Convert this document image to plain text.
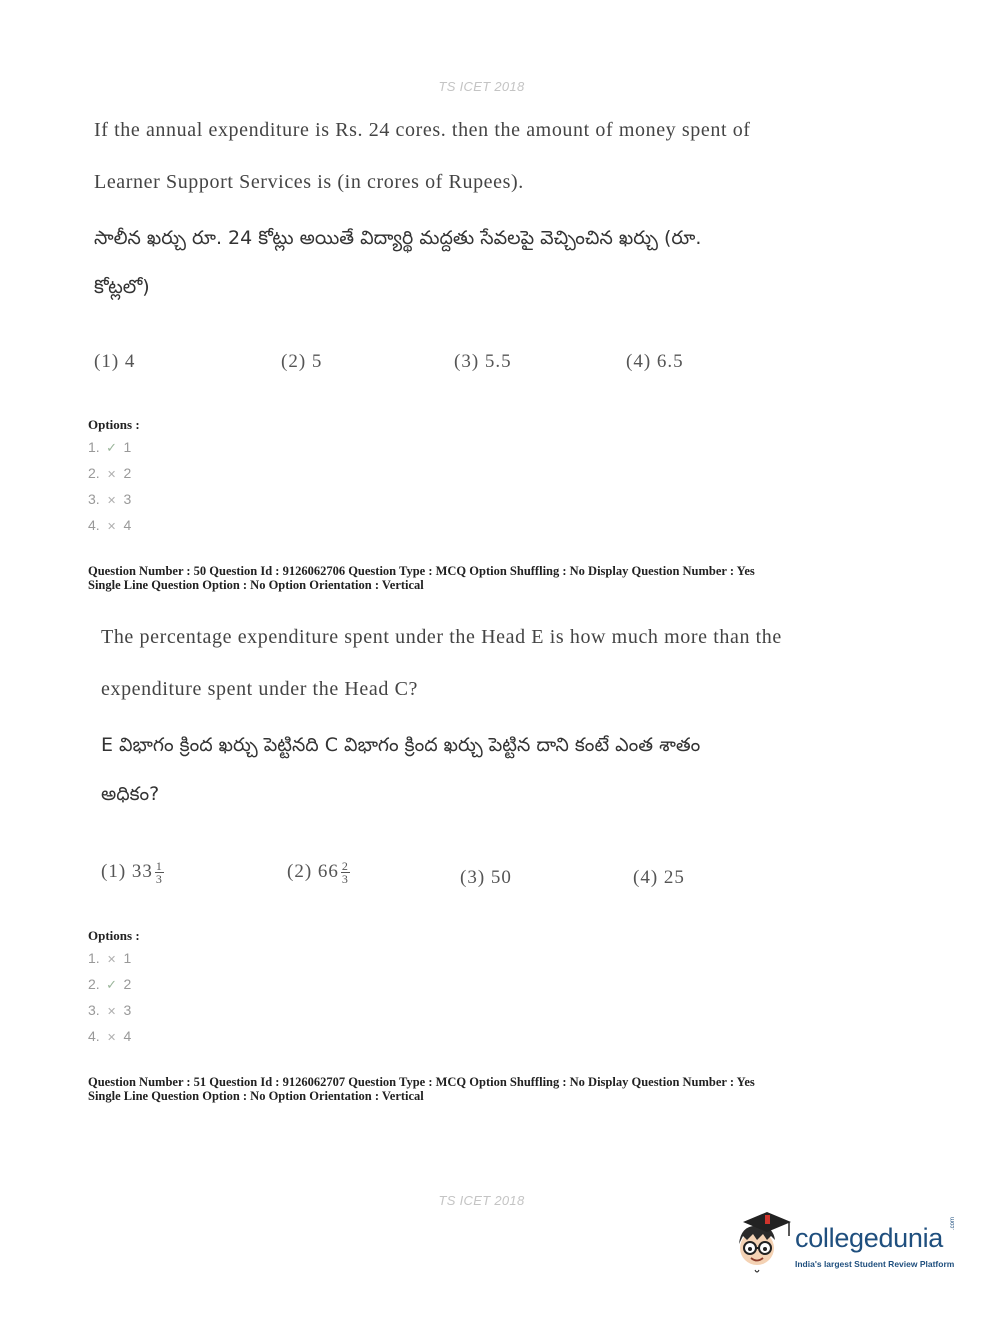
TS ICET 2018
If the annual expenditure is Rs. 24 cores. then the amount of money spent of
Learner Support Services is (in crores of Rupees).
సాలీన ఖర్చు రూ. 24 కోట్లు అయితే విద్యార్థి మద్దతు సేవలపై వెచ్చించిన ఖర్చు (రూ.
కోట్లలో)
(1) 4	(2) 5	(3) 5.5	(4) 6.5
Options :
1. ✓ 1
2. ✕ 2
3. ✕ 3
4. ✕ 4
Question Number : 50 Question Id : 9126062706 Question Type : MCQ Option Shuffling : No Display Question Number : Yes
Single Line Question Option : No Option Orientation : Vertical
The percentage expenditure spent under the Head E is how much more than the
expenditure spent under the Head C?
E విభాగం క్రింద ఖర్చు పెట్టినది C విభాగం క్రింద ఖర్చు పెట్టిన దాని కంటే ఎంత శాతం
అధికం?
(1) $33 \frac{1}{3}$	(2) $66 \frac{2}{3}$	(3) 50	(4) 25
Options :
1. ✕ 1
2. ✓ 2
3. ✕ 3
4. ✕ 4
Question Number : 51 Question Id : 9126062707 Question Type : MCQ Option Shuffling : No Display Question Number : Yes
Single Line Question Option : No Option Orientation : Vertical
TS ICET 2018
collegedunia .com
India's largest Student Review Platform
